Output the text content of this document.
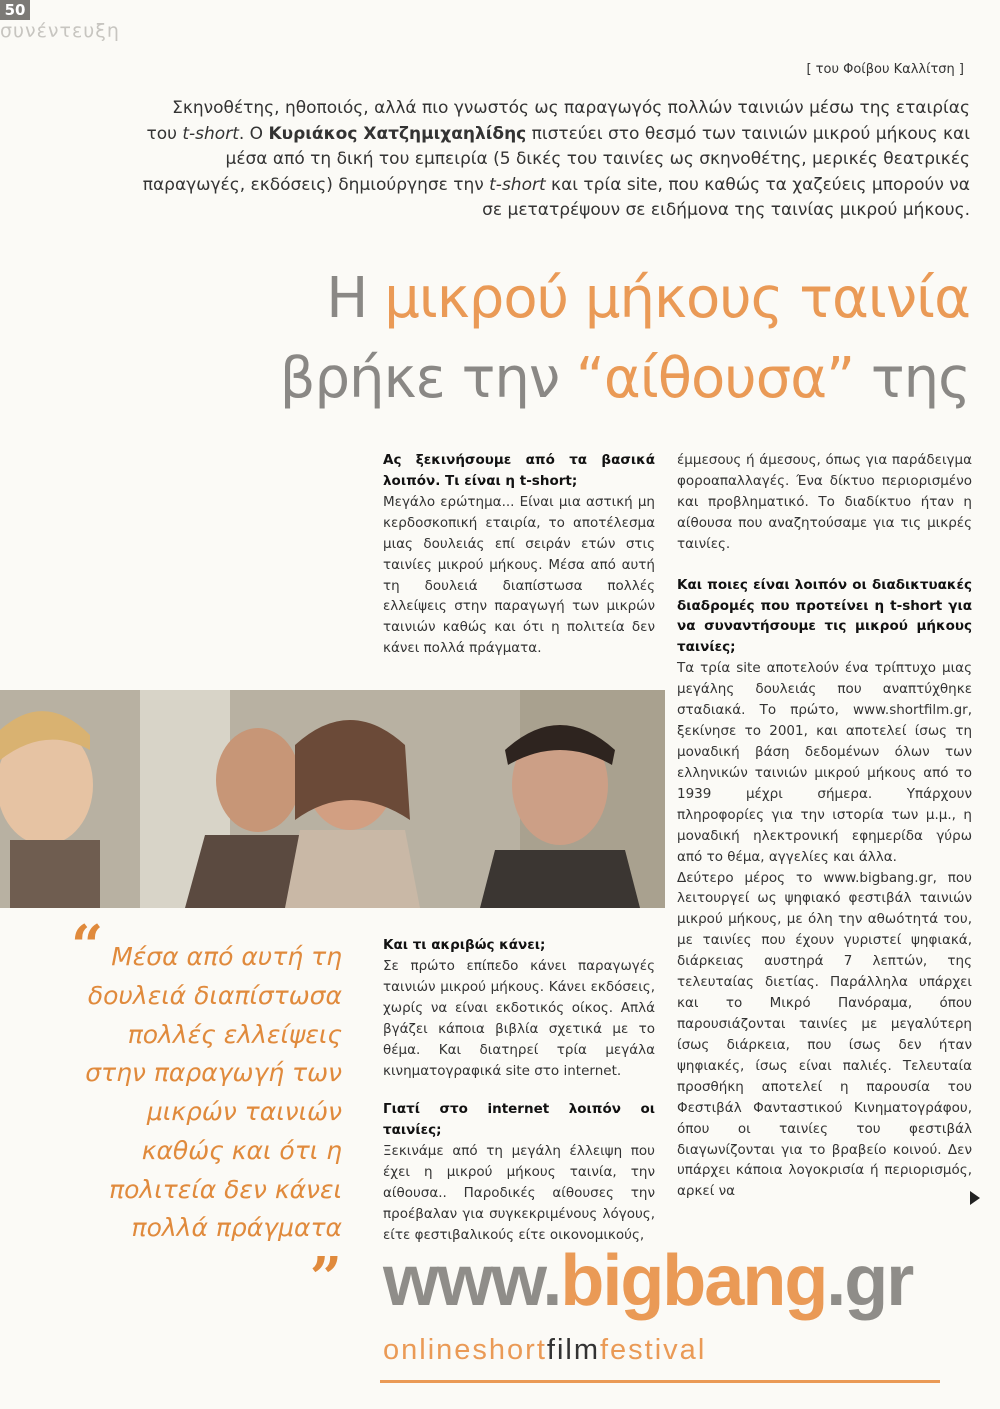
50
συνέντευξη
[ του Φοίβου Καλλίτση ]
Σκηνοθέτης, ηθοποιός, αλλά πιο γνωστός ως παραγωγός πολλών ταινιών μέσω της εταιρίας του t-short. Ο Κυριάκος Χατζημιχαηλίδης πιστεύει στο θεσμό των ταινιών μικρού μήκους και μέσα από τη δική του εμπειρία (5 δικές του ταινίες ως σκηνοθέτης, μερικές θεατρικές παραγωγές, εκδόσεις) δημιούργησε την t-short και τρία site, που καθώς τα χαζεύεις μπορούν να σε μετατρέψουν σε ειδήμονα της ταινίας μικρού μήκους.
Η μικρού μήκους ταινία
βρήκε την “αίθουσα” της

Ας ξεκινήσουμε από τα βασικά λοιπόν. Τι είναι η t-short;

Μεγάλο ερώτημα... Είναι μια αστική μη κερδοσκοπική εταιρία, το αποτέλεσμα μιας δουλειάς επί σειράν ετών στις ταινίες μικρού μήκους. Μέσα από αυτή τη δουλειά διαπίστωσα πολλές ελλείψεις στην παραγωγή των μικρών ταινιών καθώς και ότι η πολιτεία δεν κάνει πολλά πράγματα.

έμμεσους ή άμεσους, όπως για παράδειγμα φοροαπαλλαγές. Ένα δίκτυο περιορισμένο και προβληματικό. Το διαδίκτυο ήταν η αίθουσα που αναζητούσαμε για τις μικρές ταινίες.

Και ποιες είναι λοιπόν οι διαδικτυακές διαδρομές που προτείνει η t-short για να συναντήσουμε τις μικρού μήκους ταινίες;

Τα τρία site αποτελούν ένα τρίπτυχο μιας μεγάλης δουλειάς που αναπτύχθηκε σταδιακά. Το πρώτο, www.shortfilm.gr, ξεκίνησε το 2001, και αποτελεί ίσως τη μοναδική βάση δεδομένων όλων των ελληνικών ταινιών μικρού μήκους από το 1939 μέχρι σήμερα. Υπάρχουν πληροφορίες για την ιστορία των μ.μ., η μοναδική ηλεκτρονική εφημερίδα γύρω από το θέμα, αγγελίες και άλλα.

Δεύτερο μέρος το www.bigbang.gr, που λειτουργεί ως ψηφιακό φεστιβάλ ταινιών μικρού μήκους, με όλη την αθωότητά του, με ταινίες που έχουν γυριστεί ψηφιακά, διάρκειας αυστηρά 7 λεπτών, της τελευταίας διετίας. Παράλληλα υπάρχει και το Μικρό Πανόραμα, όπου παρουσιάζονται ταινίες με μεγαλύτερη ίσως διάρκεια, που ίσως δεν ήταν ψηφιακές, ίσως είναι παλιές. Τελευταία προσθήκη αποτελεί η παρουσία του Φεστιβάλ Φανταστικού Κινηματογράφου, όπου οι ταινίες του φεστιβάλ διαγωνίζονται για το βραβείο κοινού. Δεν υπάρχει κάποια λογοκρισία ή περιορισμός, αρκεί να

Και τι ακριβώς κάνει;

Σε πρώτο επίπεδο κάνει παραγωγές ταινιών μικρού μήκους. Κάνει εκδόσεις, χωρίς να είναι εκδοτικός οίκος. Απλά βγάζει κάποια βιβλία σχετικά με το θέμα. Και διατηρεί τρία μεγάλα κινηματογραφικά site στο internet.

Γιατί στο internet λοιπόν οι ταινίες;

Ξεκινάμε από τη μεγάλη έλλειψη που έχει η μικρού μήκους ταινία, την αίθουσα.. Παροδικές αίθουσες την προέβαλαν για συγκεκριμένους λόγους, είτε φεστιβαλικούς είτε οικονομικούς,

“ Μέσα από αυτή τη δουλειά διαπίστωσα πολλές ελλείψεις στην παραγωγή των μικρών ταινιών καθώς και ότι η πολιτεία δεν κάνει πολλά πράγματα
” www.bigbang.gr
onlineshortfilmfestival
